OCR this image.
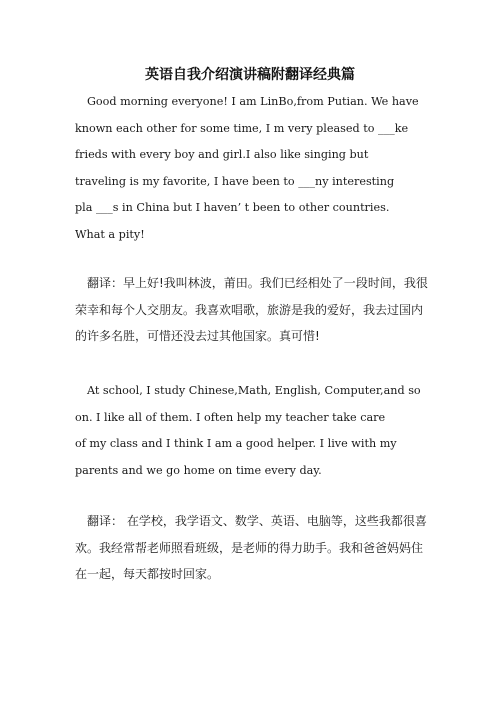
英语自我介绍演讲稿附翻译经典篇
Good morning everyone! I am LinBo,from Putian. We have
known each other for some time, I m very pleased to ___ke
frieds with every boy and girl.I also like singing but
traveling is my favorite, I have been to ___ny interesting
pla ___s in China but I haven’ t been to other countries.
What a pity!
翻译：早上好!我叫林波，莆田。我们已经相处了一段时间，我很
荣幸和每个人交朋友。我喜欢唱歌，旅游是我的爱好，我去过国内
的许多名胜，可惜还没去过其他国家。真可惜!
At school, I study Chinese,Math, English, Computer,and so
on. I like all of them. I often help my teacher take care
of my class and I think I am a good helper. I live with my
parents and we go home on time every day.
翻译： 在学校，我学语文、数学、英语、电脑等，这些我都很喜
欢。我经常帮老师照看班级，是老师的得力助手。我和爸爸妈妈住
在一起，每天都按时回家。
